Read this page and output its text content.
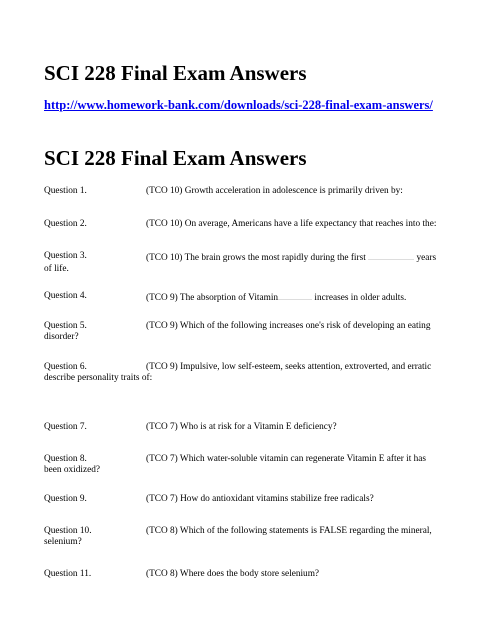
SCI 228 Final Exam Answers
http://www.homework-bank.com/downloads/sci-228-final-exam-answers/
SCI 228 Final Exam Answers
Question 1.	(TCO 10) Growth acceleration in adolescence is primarily driven by:
Question 2.	(TCO 10) On average, Americans have a life expectancy that reaches into the:
Question 3.	(TCO 10) The brain grows the most rapidly during the first	years of life.
Question 4.	(TCO 9) The absorption of Vitamin	increases in older adults.
Question 5.	(TCO 9) Which of the following increases one's risk of developing an eating disorder?
Question 6.	(TCO 9) Impulsive, low self-esteem, seeks attention, extroverted, and erratic describe personality traits of:
Question 7.	(TCO 7) Who is at risk for a Vitamin E deficiency?
Question 8.	(TCO 7) Which water-soluble vitamin can regenerate Vitamin E after it has been oxidized?
Question 9.	(TCO 7) How do antioxidant vitamins stabilize free radicals?
Question 10.	(TCO 8) Which of the following statements is FALSE regarding the mineral, selenium?
Question 11.	(TCO 8) Where does the body store selenium?
